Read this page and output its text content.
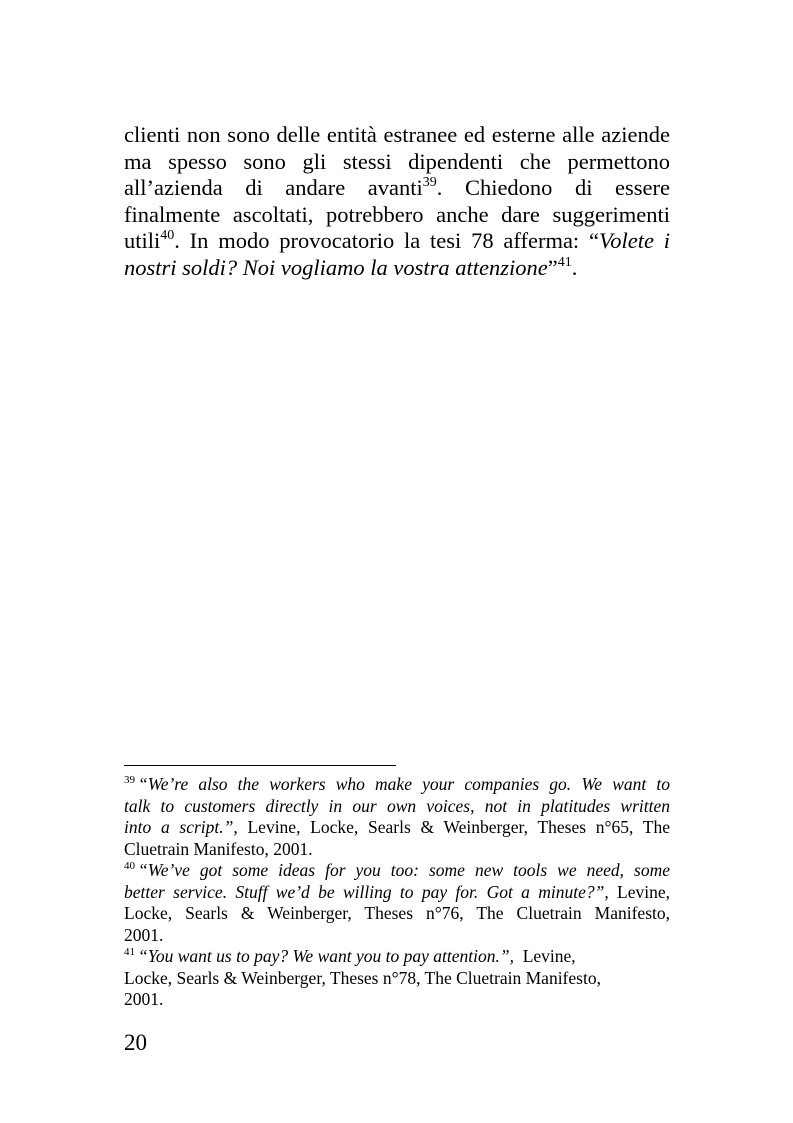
clienti non sono delle entità estranee ed esterne alle aziende
ma spesso sono gli stessi dipendenti che permettono
all’azienda di andare avanti$^{39}$. Chiedono di essere
finalmente ascoltati, potrebbero anche dare suggerimenti
utili$^{40}$. In modo provocatorio la tesi 78 afferma: “Volete i
nostri soldi? Noi vogliamo la vostra attenzione”$^{41}$.
$^{39}$ “We’re also the workers who make your companies go. We want to
talk to customers directly in our own voices, not in platitudes written
into a script.”, Levine, Locke, Searls & Weinberger, Theses n°65, The
Cluetrain Manifesto, 2001.
$^{40}$ “We’ve got some ideas for you too: some new tools we need, some
better service. Stuff we’d be willing to pay for. Got a minute?”, Levine,
Locke, Searls & Weinberger, Theses n°76, The Cluetrain Manifesto,
2001.
$^{41}$ “You want us to pay? We want you to pay attention.”,  Levine,
Locke, Searls & Weinberger, Theses n°78, The Cluetrain Manifesto,
2001.
20
